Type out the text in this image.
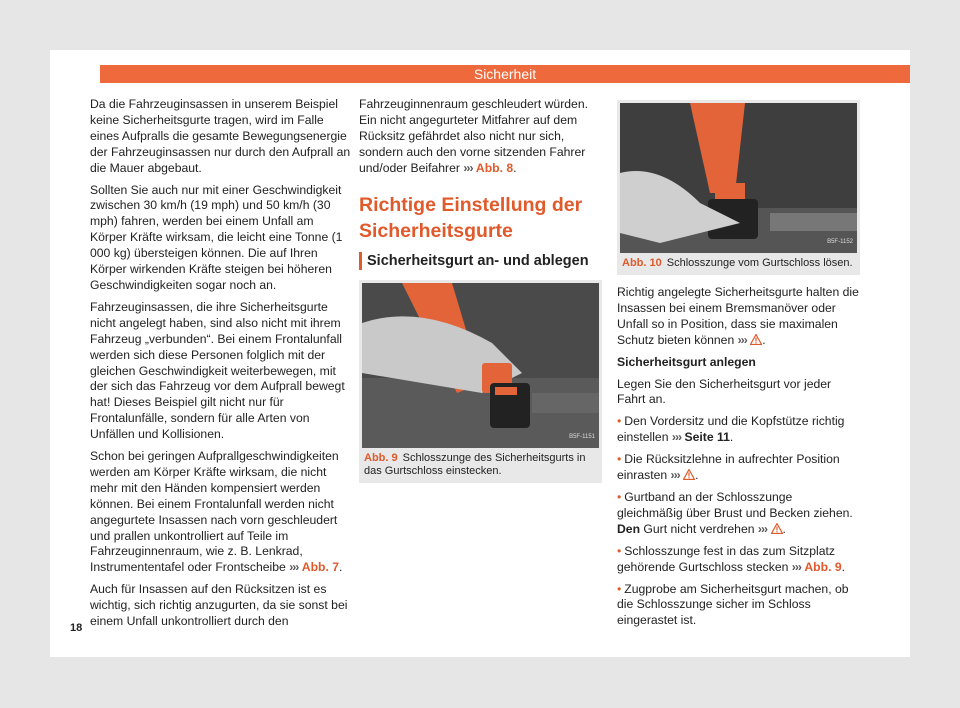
Sicherheit

Da die Fahrzeuginsassen in unserem Beispiel keine Sicherheitsgurte tragen, wird im Falle eines Aufpralls die gesamte Bewegungsenergie der Fahrzeuginsassen nur durch den Aufprall an die Mauer abgebaut.

Sollten Sie auch nur mit einer Geschwindigkeit zwischen 30 km/h (19 mph) und 50 km/h (30 mph) fahren, werden bei einem Unfall am Körper Kräfte wirksam, die leicht eine Tonne (1 000 kg) übersteigen können. Die auf Ihren Körper wirkenden Kräfte steigen bei höheren Geschwindigkeiten sogar noch an.

Fahrzeuginsassen, die ihre Sicherheitsgurte nicht angelegt haben, sind also nicht mit ihrem Fahrzeug „verbunden“. Bei einem Frontalunfall werden sich diese Personen folglich mit der gleichen Geschwindigkeit weiterbewegen, mit der sich das Fahrzeug vor dem Aufprall bewegt hat! Dieses Beispiel gilt nicht nur für Frontalunfälle, sondern für alle Arten von Unfällen und Kollisionen.

Schon bei geringen Aufprallgeschwindigkeiten werden am Körper Kräfte wirksam, die nicht mehr mit den Händen kompensiert werden können. Bei einem Frontalunfall werden nicht angegurtete Insassen nach vorn geschleudert und prallen unkontrolliert auf Teile im Fahrzeuginnenraum, wie z. B. Lenkrad, Instrumententafel oder Frontscheibe ››› Abb. 7.

Auch für Insassen auf den Rücksitzen ist es wichtig, sich richtig anzugurten, da sie sonst bei einem Unfall unkontrolliert durch den

Fahrzeuginnenraum geschleudert würden. Ein nicht angegurteter Mitfahrer auf dem Rücksitz gefährdet also nicht nur sich, sondern auch den vorne sitzenden Fahrer und/oder Beifahrer ››› Abb. 8.

Richtige Einstellung der Sicherheitsgurte
Sicherheitsgurt an- und ablegen
B5F-1151
Abb. 9 Schlosszunge des Sicherheitsgurts in das Gurtschloss einstecken.
B5F-1152
Abb. 10 Schlosszunge vom Gurtschloss lösen.

Richtig angelegte Sicherheitsgurte halten die Insassen bei einem Bremsmanöver oder Unfall so in Position, dass sie maximalen Schutz bieten können ››› .

Sicherheitsgurt anlegen

Legen Sie den Sicherheitsgurt vor jeder Fahrt an.

• Den Vordersitz und die Kopfstütze richtig einstellen ››› Seite 11.

• Die Rücksitzlehne in aufrechter Position einrasten ››› .

• Gurtband an der Schlosszunge gleichmäßig über Brust und Becken ziehen. Den Gurt nicht verdrehen ››› .

• Schlosszunge fest in das zum Sitzplatz gehörende Gurtschloss stecken ››› Abb. 9.

• Zugprobe am Sicherheitsgurt machen, ob die Schlosszunge sicher im Schloss eingerastet ist.

18
